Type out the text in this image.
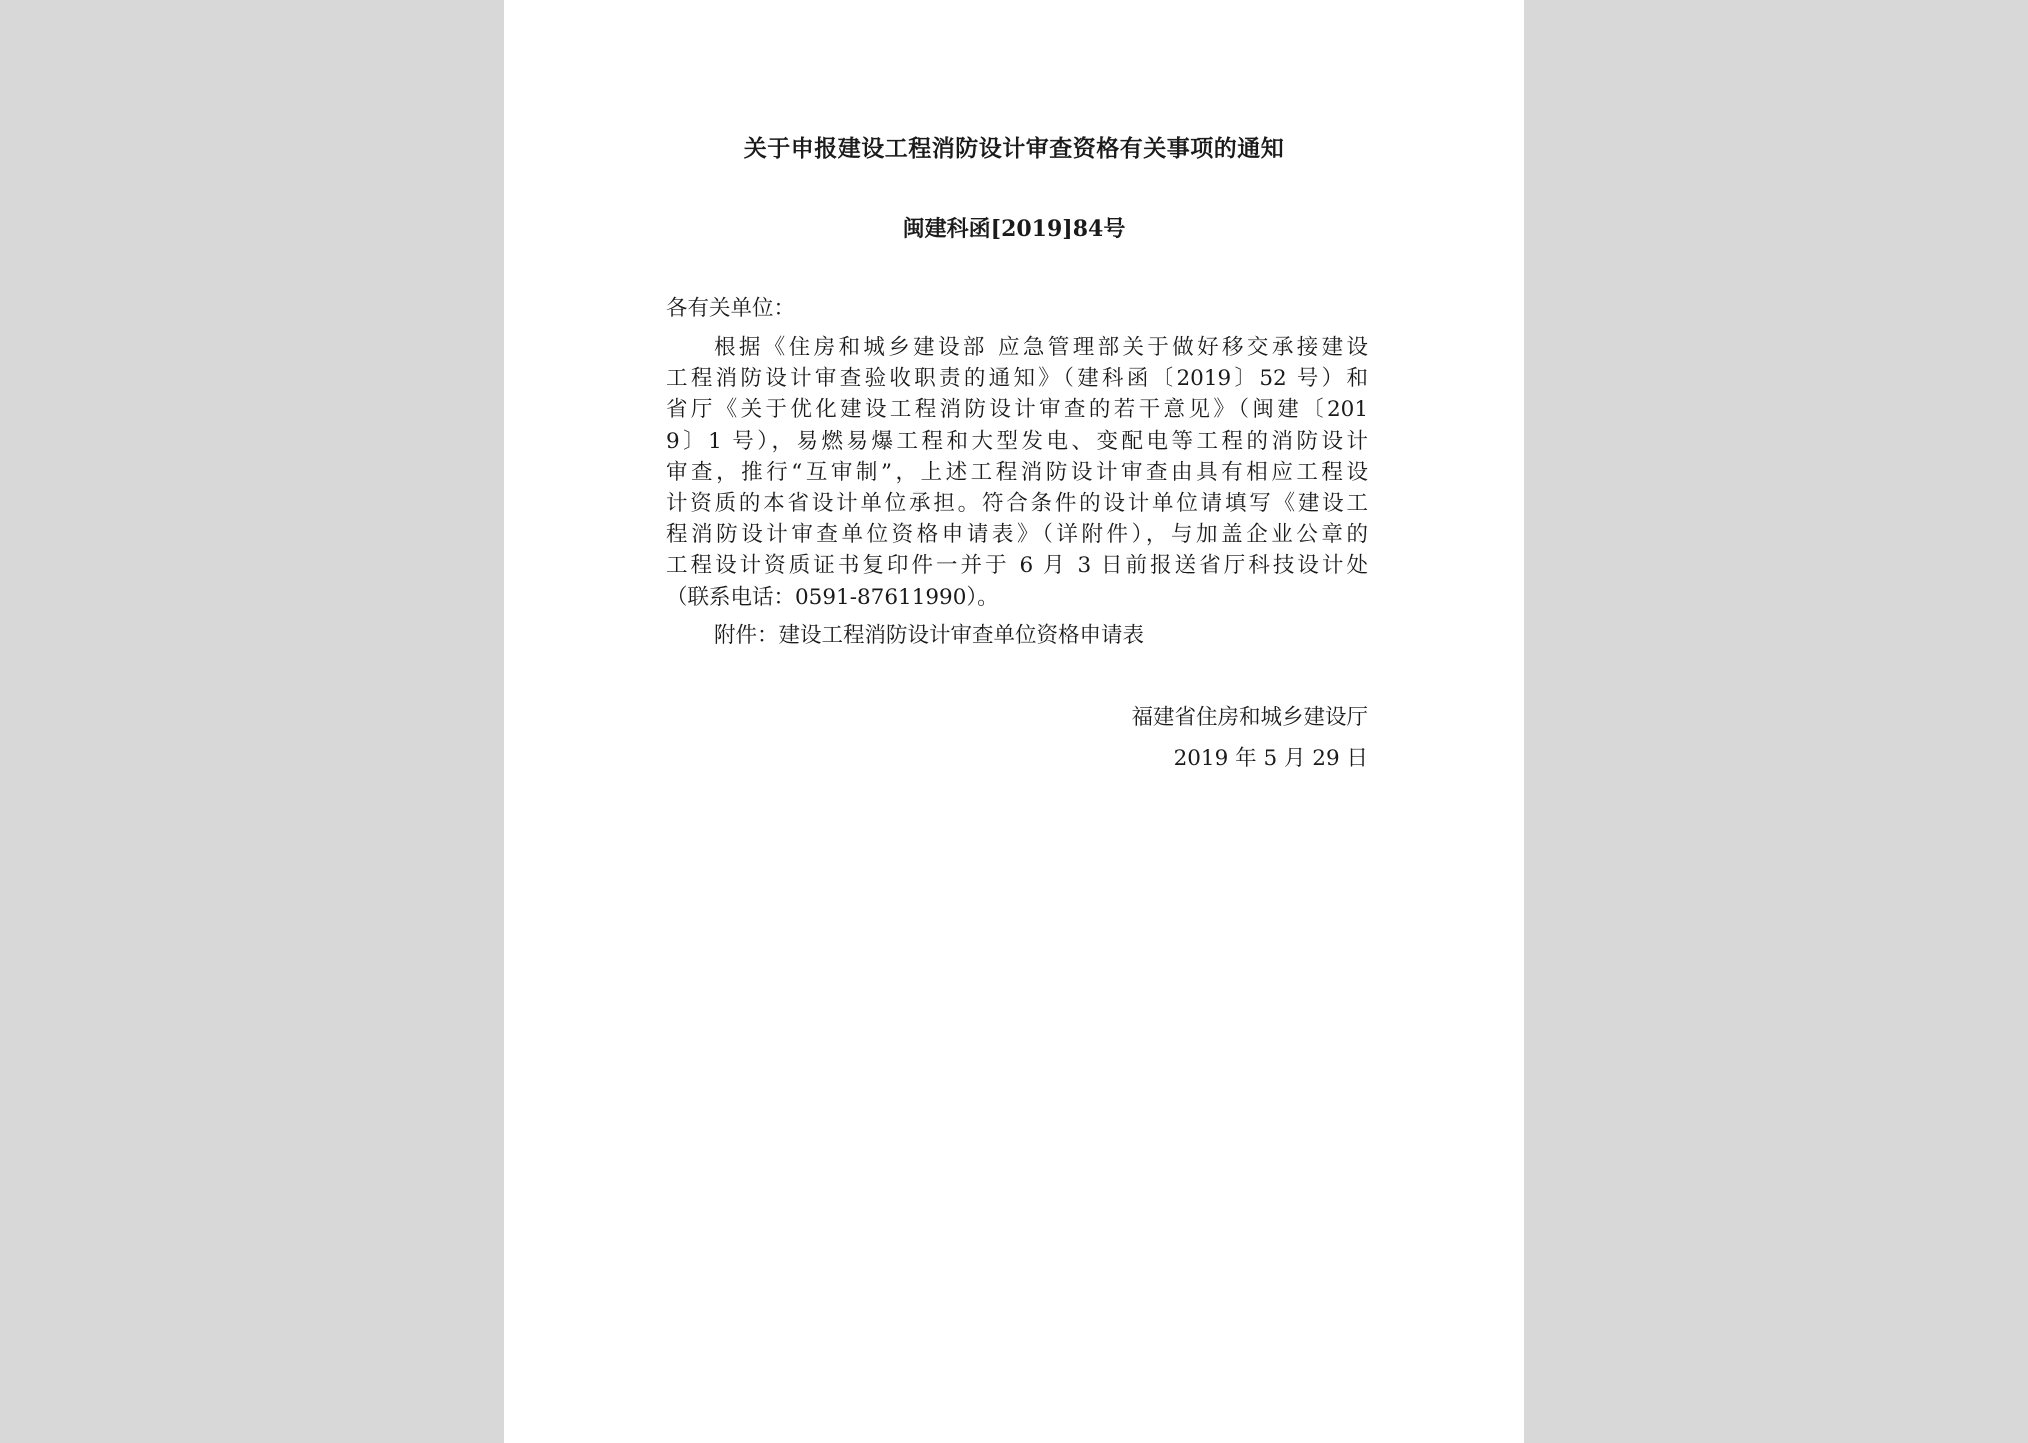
关于申报建设工程消防设计审查资格有关事项的通知
闽建科函[2019]84号
各有关单位：
根据《住房和城乡建设部 应急管理部关于做好移交承接建设
工程消防设计审查验收职责的通知》（建科函〔2019〕52 号）和
省厅《关于优化建设工程消防设计审查的若干意见》（闽建〔201
9〕1 号），易燃易爆工程和大型发电、变配电等工程的消防设计
审查，推行“互审制”，上述工程消防设计审查由具有相应工程设
计资质的本省设计单位承担。符合条件的设计单位请填写《建设工
程消防设计审查单位资格申请表》（详附件），与加盖企业公章的
工程设计资质证书复印件一并于 6 月 3 日前报送省厅科技设计处
（联系电话：0591-87611990）。
附件：建设工程消防设计审查单位资格申请表
福建省住房和城乡建设厅
2019 年 5 月 29 日
